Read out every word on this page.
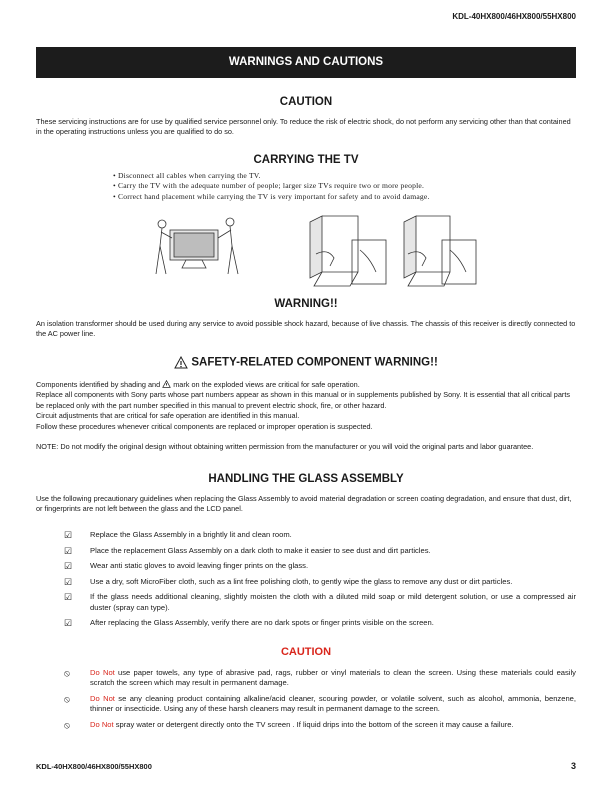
KDL-40HX800/46HX800/55HX800
WARNINGS AND CAUTIONS
CAUTION
These servicing instructions are for use by qualified service personnel only. To reduce the risk of electric shock, do not perform any servicing other than that contained in the operating instructions unless you are qualified to do so.
CARRYING THE TV
• Disconnect all cables when carrying the TV.
• Carry the TV with the adequate number of people; larger size TVs require two or more people.
• Correct hand placement while carrying the TV is very important for safety and to avoid damage.
WARNING!!
An isolation transformer should be used during any service to avoid possible shock hazard, because of live chassis. The chassis of this receiver is directly connected to the AC power line.
SAFETY-RELATED COMPONENT WARNING!!
Components identified by shading and mark on the exploded views are critical for safe operation.
Replace all components with Sony parts whose part numbers appear as shown in this manual or in supplements published by Sony. It is essential that all critical parts be replaced only with the part number specified in this manual to prevent electric shock, fire, or other hazard.
Circuit adjustments that are critical for safe operation are identified in this manual.
Follow these procedures whenever critical components are replaced or improper operation is suspected.
NOTE: Do not modify the original design without obtaining written permission from the manufacturer or you will void the original parts and labor guarantee.
HANDLING THE GLASS ASSEMBLY
Use the following precautionary guidelines when replacing the Glass Assembly to avoid material degradation or screen coating degradation, and ensure that dust, dirt, or fingerprints are not left between the glass and the LCD panel.
☑	Replace the Glass Assembly in a brightly lit and clean room.
☑	Place the replacement Glass Assembly on a dark cloth to make it easier to see dust and dirt particles.
☑	Wear anti static gloves to avoid leaving finger prints on the glass.
☑	Use a dry, soft MicroFiber cloth, such as a lint free polishing cloth, to gently wipe the glass to remove any dust or dirt particles.
☑	If the glass needs additional cleaning, slightly moisten the cloth with a diluted mild soap or mild detergent solution, or use a compressed air duster (spray can type).
☑	After replacing the Glass Assembly, verify there are no dark spots or finger prints visible on the screen.
CAUTION
⦸	Do Not use paper towels, any type of abrasive pad, rags, rubber or vinyl materials to clean the screen. Using these materials could easily scratch the screen which may result in permanent damage.
⦸	Do Not se any cleaning product containing alkaline/acid cleaner, scouring powder, or volatile solvent, such as alcohol, ammonia, benzene, thinner or insecticide. Using any of these harsh cleaners may result in permanent damage to the screen.
⦸	Do Not spray water or detergent directly onto the TV screen . If liquid drips into the bottom of the screen it may cause a failure.
KDL-40HX800/46HX800/55HX800	3
